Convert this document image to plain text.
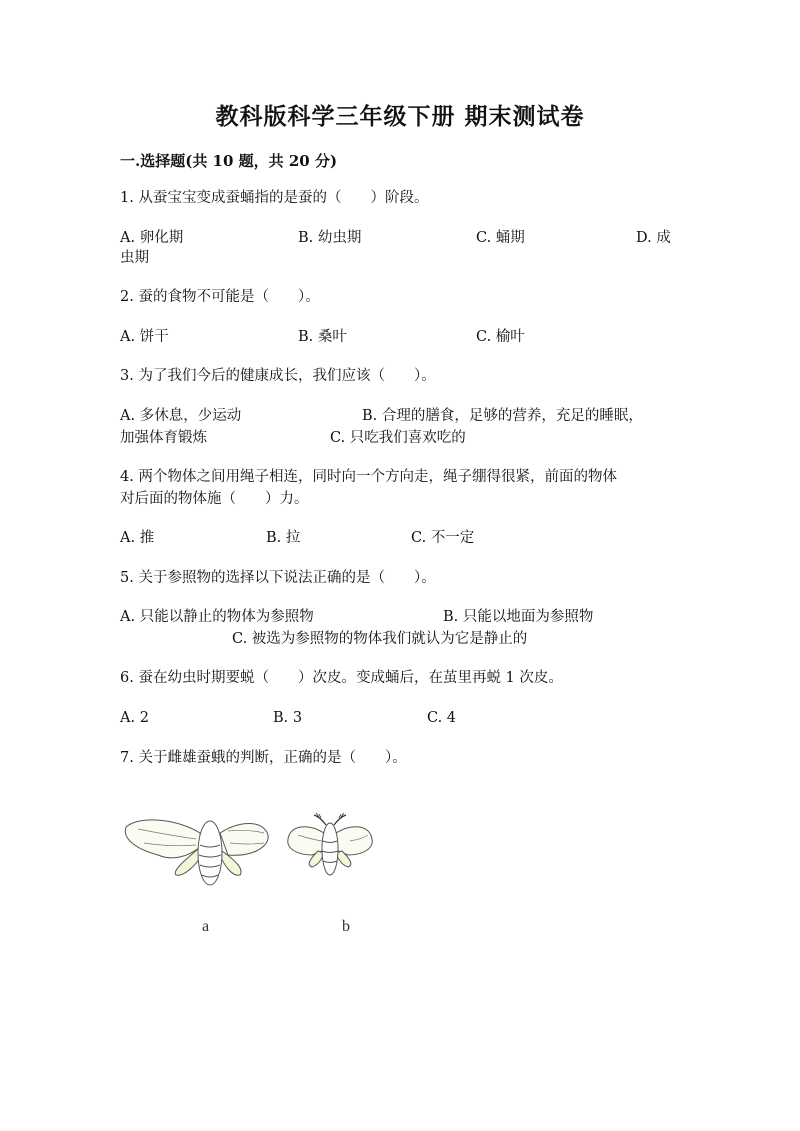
教科版科学三年级下册 期末测试卷
一.选择题(共 10 题，共 20 分)
1. 从蚕宝宝变成蚕蛹指的是蚕的（　　）阶段。
A. 卵化期	B. 幼虫期	C. 蛹期	D. 成
虫期
2. 蚕的食物不可能是（　　）。
A. 饼干	B. 桑叶	C. 榆叶
3. 为了我们今后的健康成长，我们应该（　　）。
A. 多休息，少运动	B. 合理的膳食，足够的营养，充足的睡眠，
加强体育锻炼	C. 只吃我们喜欢吃的
4. 两个物体之间用绳子相连，同时向一个方向走，绳子绷得很紧，前面的物体
对后面的物体施（　　）力。
A. 推	B. 拉	C. 不一定
5. 关于参照物的选择以下说法正确的是（　　）。
A. 只能以静止的物体为参照物	B. 只能以地面为参照物
C. 被选为参照物的物体我们就认为它是静止的
6. 蚕在幼虫时期要蜕（　　）次皮。变成蛹后，在茧里再蜕 1 次皮。
A. 2	B. 3	C. 4
7. 关于雌雄蚕蛾的判断，正确的是（　　）。
a	b
